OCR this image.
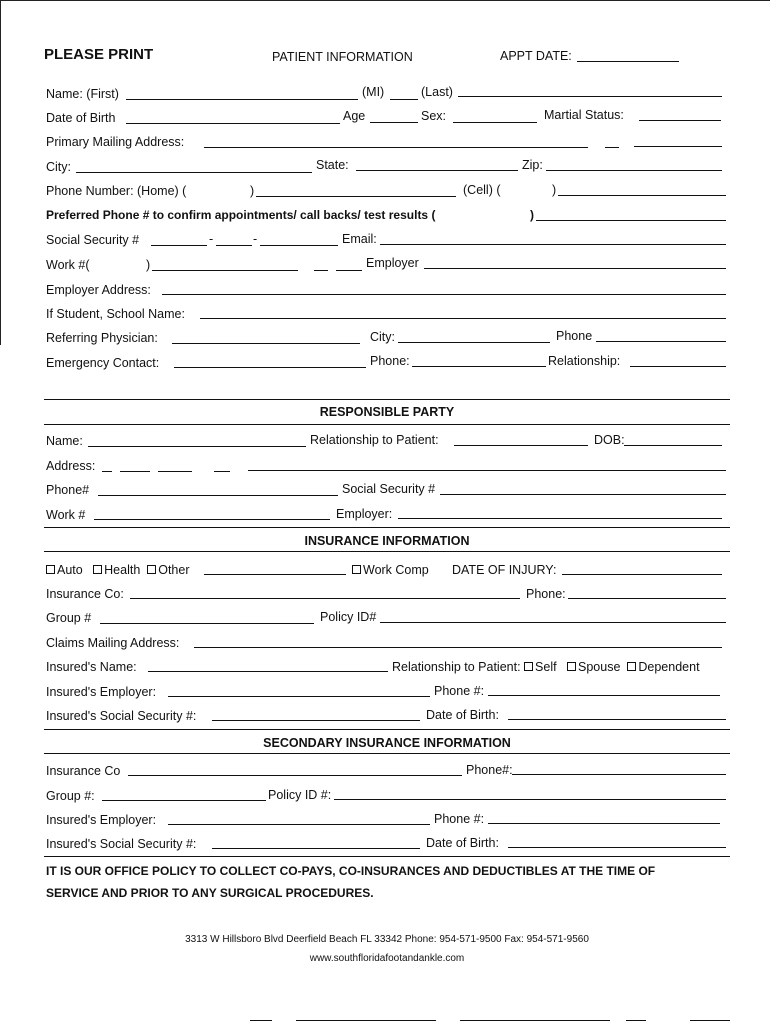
PLEASE PRINT	PATIENT INFORMATION	APPT DATE:
Name: (First)	(MI)	(Last)
Date of Birth	Age	Sex:	Martial Status:
Primary Mailing Address:
City:	State:	Zip:
Phone Number: (Home) (	)	(Cell) (	)
Preferred Phone # to confirm appointments/ call backs/ test results (	)
Social Security #	-	-	Email:
Work #(	)	Employer
Employer Address:
If Student, School Name:
Referring Physician:	City:	Phone
Emergency Contact:	Phone:	Relationship:
RESPONSIBLE PARTY
Name:	Relationship to Patient:	DOB:
Address:
Phone#	Social Security #
Work #	Employer:
INSURANCE INFORMATION
Auto Health Other	Work Comp DATE OF INJURY:
Insurance Co:	Phone:
Group #	Policy ID#
Claims Mailing Address:
Insured's Name:	Relationship to Patient: Self Spouse Dependent
Insured's Employer:	Phone #:
Insured's Social Security #:	Date of Birth:
SECONDARY INSURANCE INFORMATION
Insurance Co	Phone#:
Group #:	Policy ID #:
Insured's Employer:	Phone #:
Insured's Social Security #:	Date of Birth:
IT IS OUR OFFICE POLICY TO COLLECT CO-PAYS, CO-INSURANCES AND DEDUCTIBLES AT THE TIME OF
SERVICE AND PRIOR TO ANY SURGICAL PROCEDURES.
3313 W Hillsboro Blvd Deerfield Beach FL 33342 Phone: 954-571-9500 Fax: 954-571-9560
www.southfloridafootandankle.com
